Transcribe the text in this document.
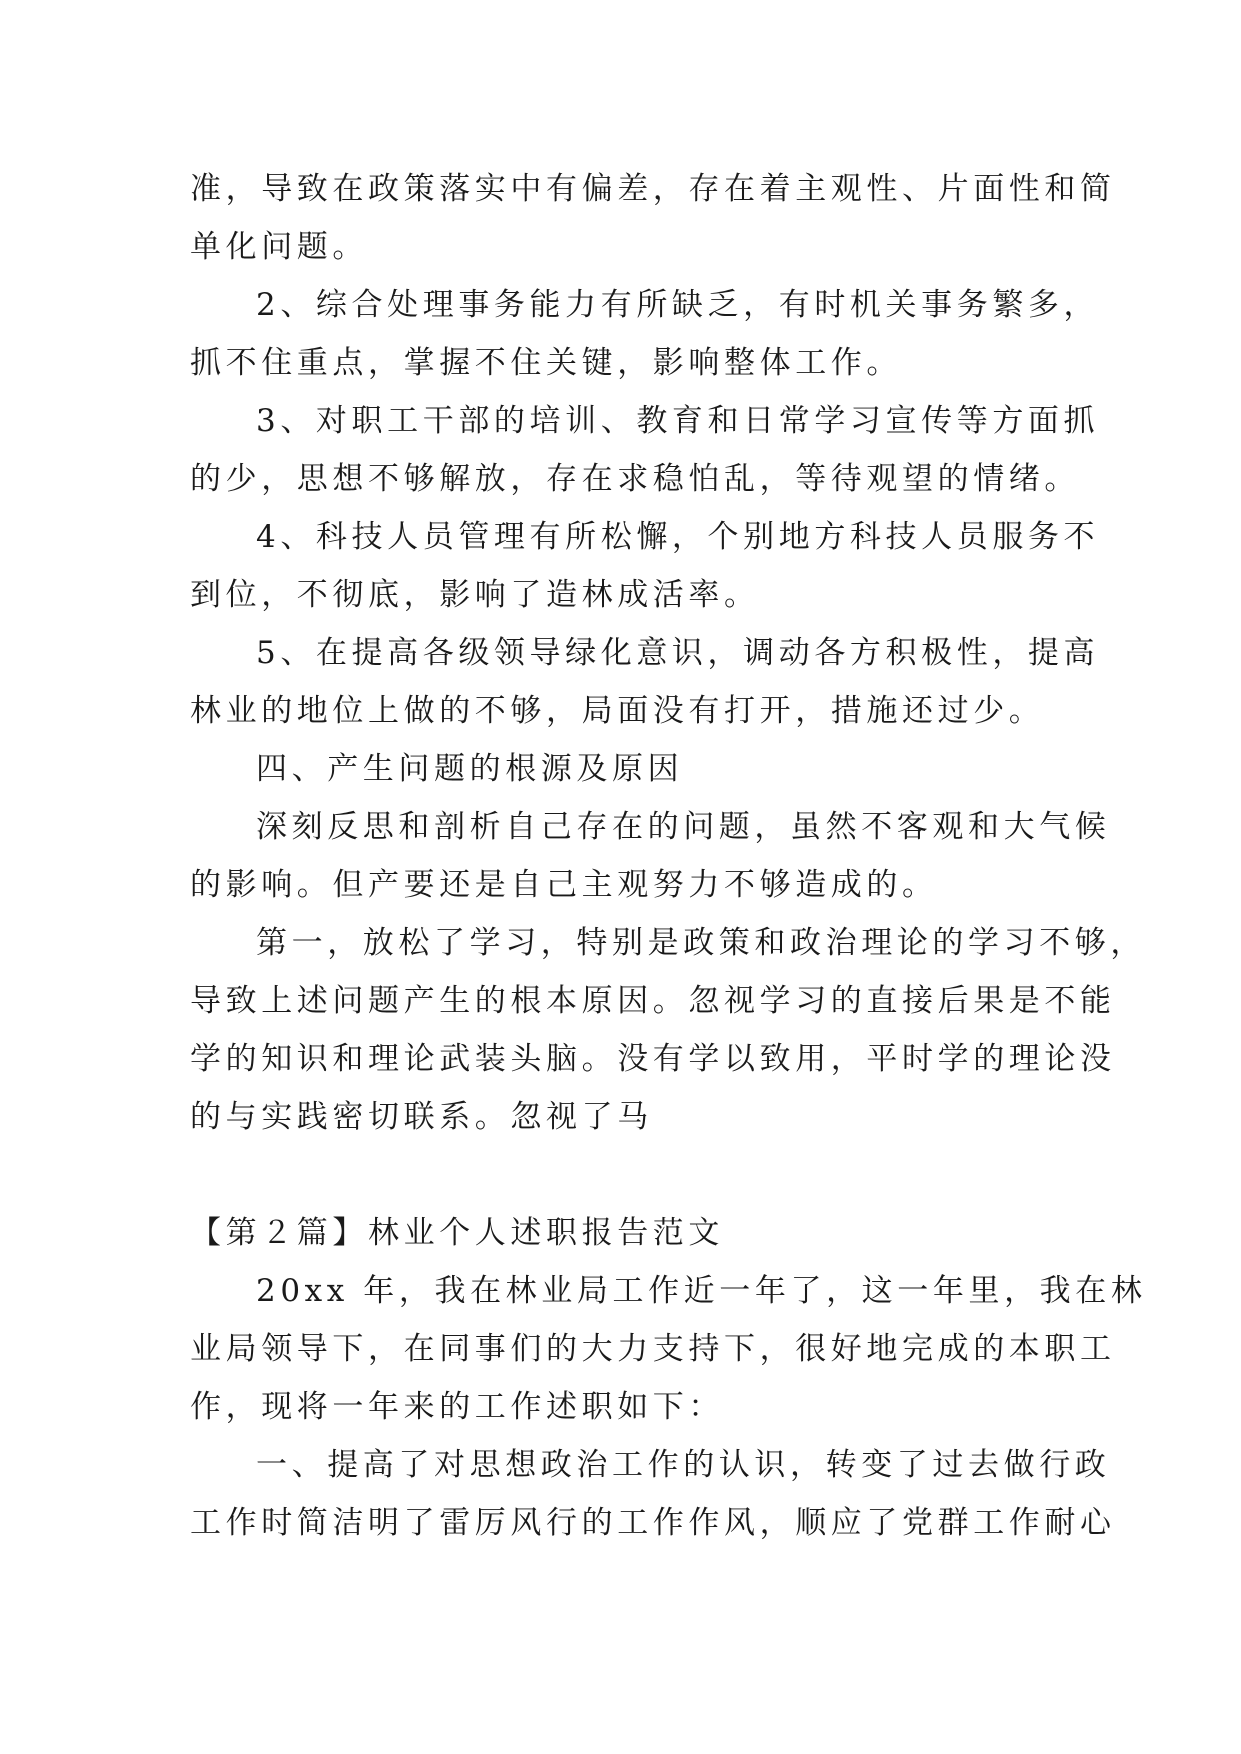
准，导致在政策落实中有偏差，存在着主观性、片面性和简

单化问题。

2、综合处理事务能力有所缺乏，有时机关事务繁多，

抓不住重点，掌握不住关键，影响整体工作。

3、对职工干部的培训、教育和日常学习宣传等方面抓

的少，思想不够解放，存在求稳怕乱，等待观望的情绪。

4、科技人员管理有所松懈，个别地方科技人员服务不

到位，不彻底，影响了造林成活率。

5、在提高各级领导绿化意识，调动各方积极性，提高

林业的地位上做的不够，局面没有打开，措施还过少。

四、产生问题的根源及原因

深刻反思和剖析自己存在的问题，虽然不客观和大气候

的影响。但产要还是自己主观努力不够造成的。

第一，放松了学习，特别是政策和政治理论的学习不够，

导致上述问题产生的根本原因。忽视学习的直接后果是不能

学的知识和理论武装头脑。没有学以致用，平时学的理论没

的与实践密切联系。忽视了马

【第２篇】林业个人述职报告范文

20xx 年，我在林业局工作近一年了，这一年里，我在林

业局领导下，在同事们的大力支持下，很好地完成的本职工

作，现将一年来的工作述职如下：

一、提高了对思想政治工作的认识，转变了过去做行政

工作时简洁明了雷厉风行的工作作风，顺应了党群工作耐心
